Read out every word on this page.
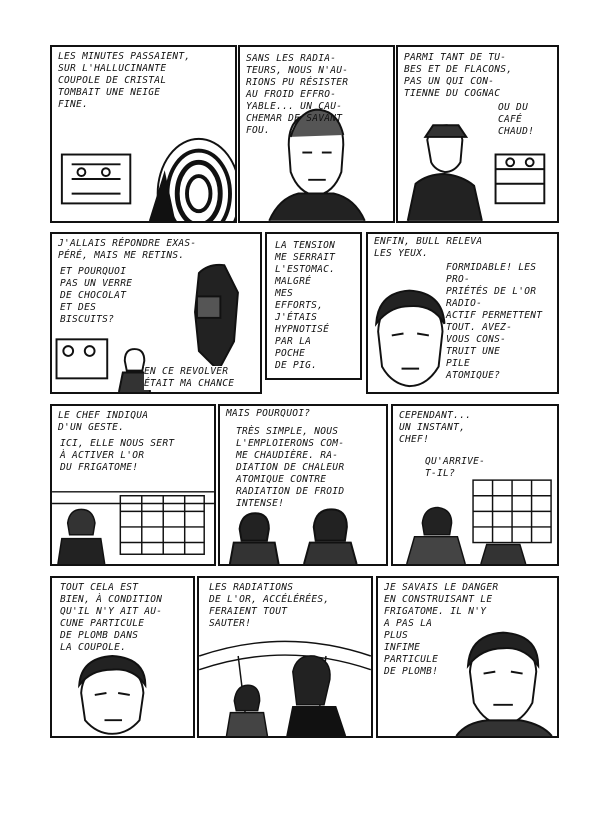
LES MINUTES PASSAIENT,
SUR L'HALLUCINANTE
COUPOLE DE CRISTAL
TOMBAIT UNE NEIGE
FINE.
SANS LES RADIA-
TEURS, NOUS N'AU-
RIONS PU RÉSISTER
AU FROID EFFRO-
YABLE... UN CAU-
CHEMAR DE SAVANT
FOU.
PARMI TANT DE TU-
BES ET DE FLACONS,
PAS UN QUI CON-
TIENNE DU COGNAC
OU DU
CAFÉ
CHAUD!
J'ALLAIS RÉPONDRE EXAS-
PÉRÉ, MAIS ME RETINS.
ET POURQUOI
PAS UN VERRE
DE CHOCOLAT
ET DES
BISCUITS?
EN CE REVOLVER
ÉTAIT MA CHANCE
LA TENSION
ME SERRAIT
L'ESTOMAC.
MALGRÉ
MES
EFFORTS, J'ÉTAIS
HYPNOTISÉ
PAR LA
POCHE
DE PIG.
ENFIN, BULL RELEVA
LES YEUX.
FORMIDABLE! LES PRO-
PRIÉTÉS DE L'OR RADIO-
ACTIF PERMETTENT
TOUT. AVEZ-
VOUS CONS-
TRUIT UNE
PILE
ATOMIQUE?
LE CHEF INDIQUA
D'UN GESTE.
ICI, ELLE NOUS SERT
À ACTIVER L'OR
DU FRIGATOME!
MAIS POURQUOI?
TRÈS SIMPLE, NOUS
L'EMPLOIERONS COM-
ME CHAUDIÈRE. RA-
DIATION DE CHALEUR
ATOMIQUE CONTRE
RADIATION DE FROID
INTENSE!
CEPENDANT...
UN INSTANT,
CHEF!
QU'ARRIVE-
T-IL?
TOUT CELA EST
BIEN, À CONDITION
QU'IL N'Y AIT AU-
CUNE PARTICULE
DE PLOMB DANS
LA COUPOLE.
LES RADIATIONS
DE L'OR, ACCÉLÉRÉES,
FERAIENT TOUT
SAUTER!
JE SAVAIS LE DANGER
EN CONSTRUISANT LE
FRIGATOME. IL N'Y
A PAS LA
PLUS
INFIME
PARTICULE
DE PLOMB!
